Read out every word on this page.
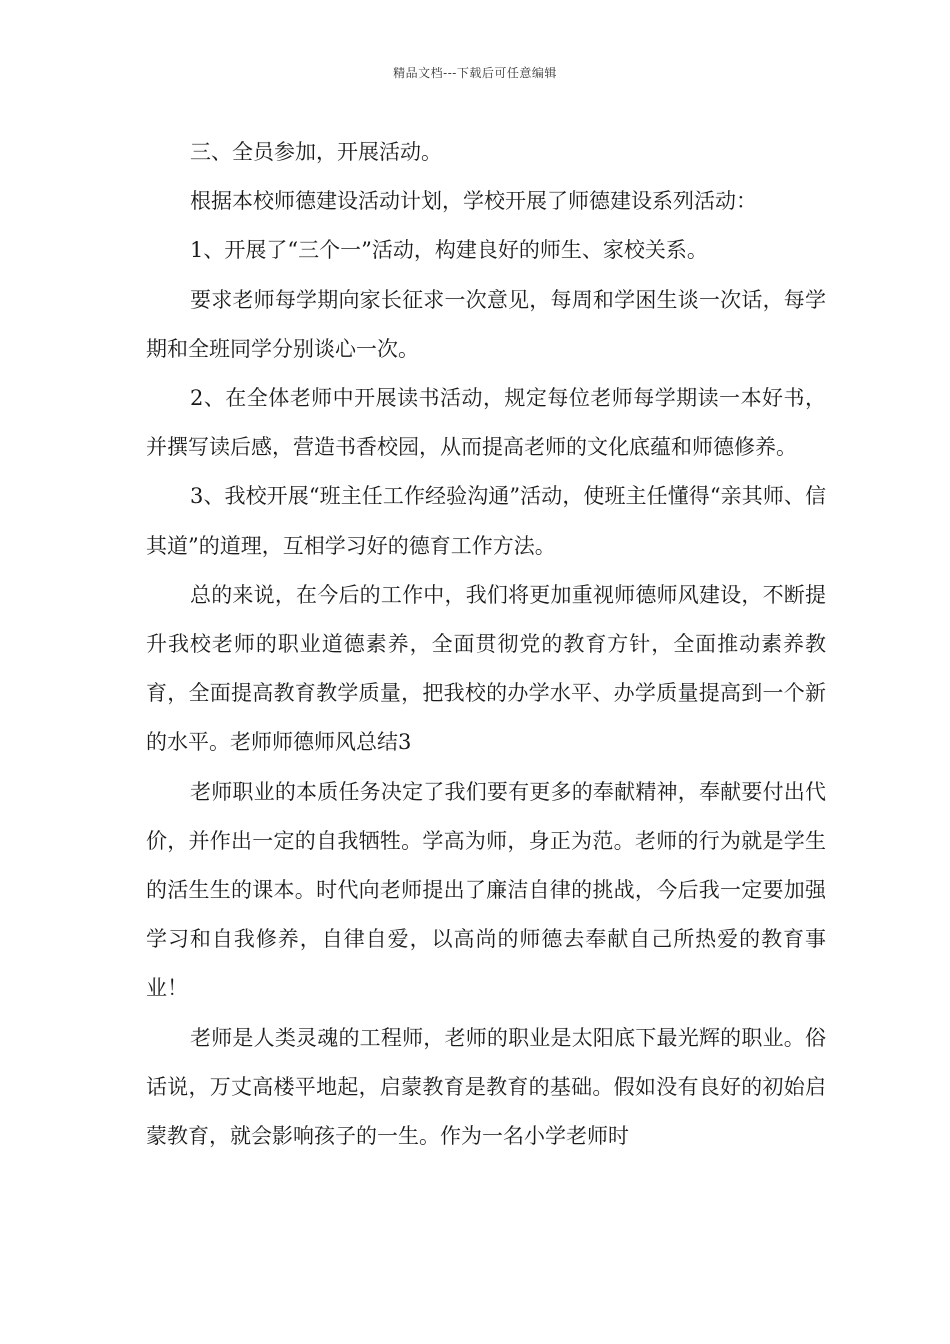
精品文档---下载后可任意编辑

三、全员参加，开展活动。

根据本校师德建设活动计划，学校开展了师德建设系列活动：

1、开展了“三个一”活动，构建良好的师生、家校关系。

要求老师每学期向家长征求一次意见，每周和学困生谈一次话，每学期和全班同学分别谈心一次。

2、在全体老师中开展读书活动，规定每位老师每学期读一本好书，并撰写读后感，营造书香校园，从而提高老师的文化底蕴和师德修养。

3、我校开展“班主任工作经验沟通”活动，使班主任懂得“亲其师、信其道”的道理，互相学习好的德育工作方法。

总的来说，在今后的工作中，我们将更加重视师德师风建设，不断提升我校老师的职业道德素养，全面贯彻党的教育方针，全面推动素养教育，全面提高教育教学质量，把我校的办学水平、办学质量提高到一个新的水平。老师师德师风总结3

老师职业的本质任务决定了我们要有更多的奉献精神，奉献要付出代价，并作出一定的自我牺牲。学高为师，身正为范。老师的行为就是学生的活生生的课本。时代向老师提出了廉洁自律的挑战，今后我一定要加强学习和自我修养，自律自爱，以高尚的师德去奉献自己所热爱的教育事业！

老师是人类灵魂的工程师，老师的职业是太阳底下最光辉的职业。俗话说，万丈高楼平地起，启蒙教育是教育的基础。假如没有良好的初始启蒙教育，就会影响孩子的一生。作为一名小学老师时
